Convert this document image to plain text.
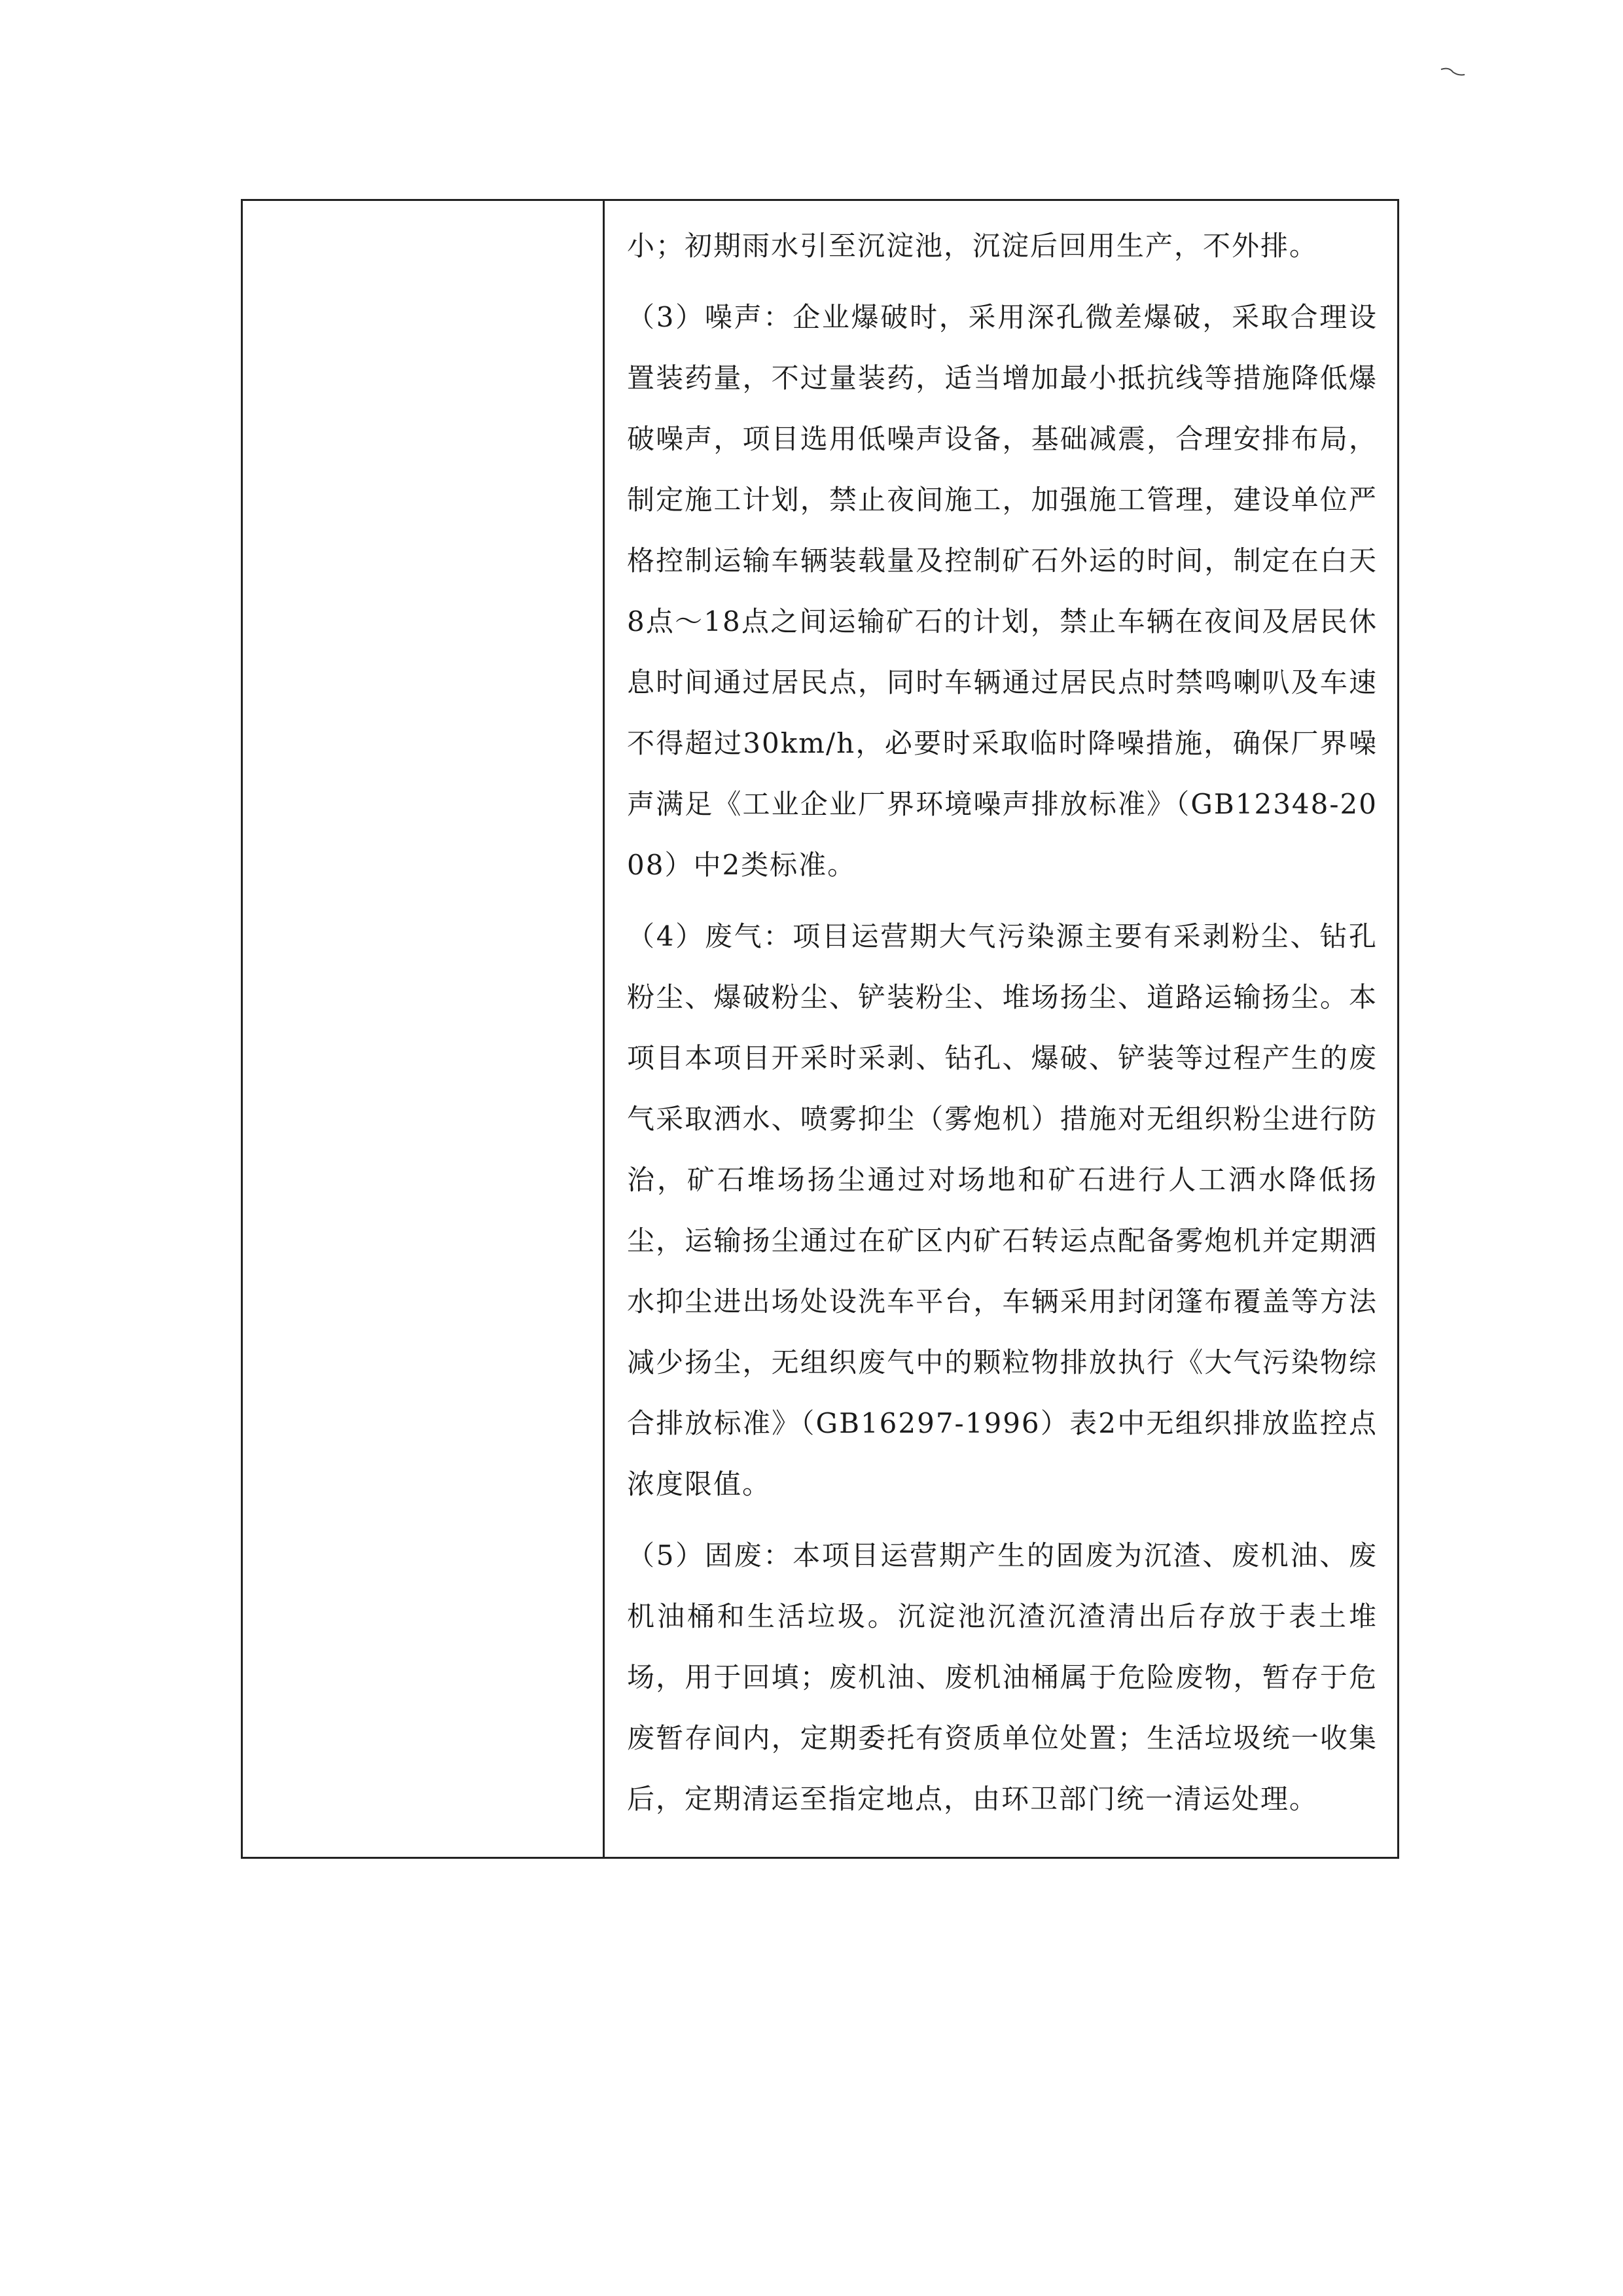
小；初期雨水引至沉淀池，沉淀后回用生产，不外排。

（3）噪声：企业爆破时，采用深孔微差爆破，采取合理设置装药量，不过量装药，适当增加最小抵抗线等措施降低爆破噪声，项目选用低噪声设备，基础减震，合理安排布局，制定施工计划，禁止夜间施工，加强施工管理，建设单位严格控制运输车辆装载量及控制矿石外运的时间，制定在白天8点～18点之间运输矿石的计划，禁止车辆在夜间及居民休息时间通过居民点，同时车辆通过居民点时禁鸣喇叭及车速不得超过30km/h，必要时采取临时降噪措施，确保厂界噪声满足《工业企业厂界环境噪声排放标准》（GB12348-2008）中2类标准。

（4）废气：项目运营期大气污染源主要有采剥粉尘、钻孔粉尘、爆破粉尘、铲装粉尘、堆场扬尘、道路运输扬尘。本项目本项目开采时采剥、钻孔、爆破、铲装等过程产生的废气采取洒水、喷雾抑尘（雾炮机）措施对无组织粉尘进行防治，矿石堆场扬尘通过对场地和矿石进行人工洒水降低扬尘，运输扬尘通过在矿区内矿石转运点配备雾炮机并定期洒水抑尘进出场处设洗车平台，车辆采用封闭篷布覆盖等方法减少扬尘，无组织废气中的颗粒物排放执行《大气污染物综合排放标准》（GB16297-1996）表2中无组织排放监控点浓度限值。

（5）固废：本项目运营期产生的固废为沉渣、废机油、废机油桶和生活垃圾。沉淀池沉渣沉渣清出后存放于表土堆场，用于回填；废机油、废机油桶属于危险废物，暂存于危废暂存间内，定期委托有资质单位处置；生活垃圾统一收集后，定期清运至指定地点，由环卫部门统一清运处理。
